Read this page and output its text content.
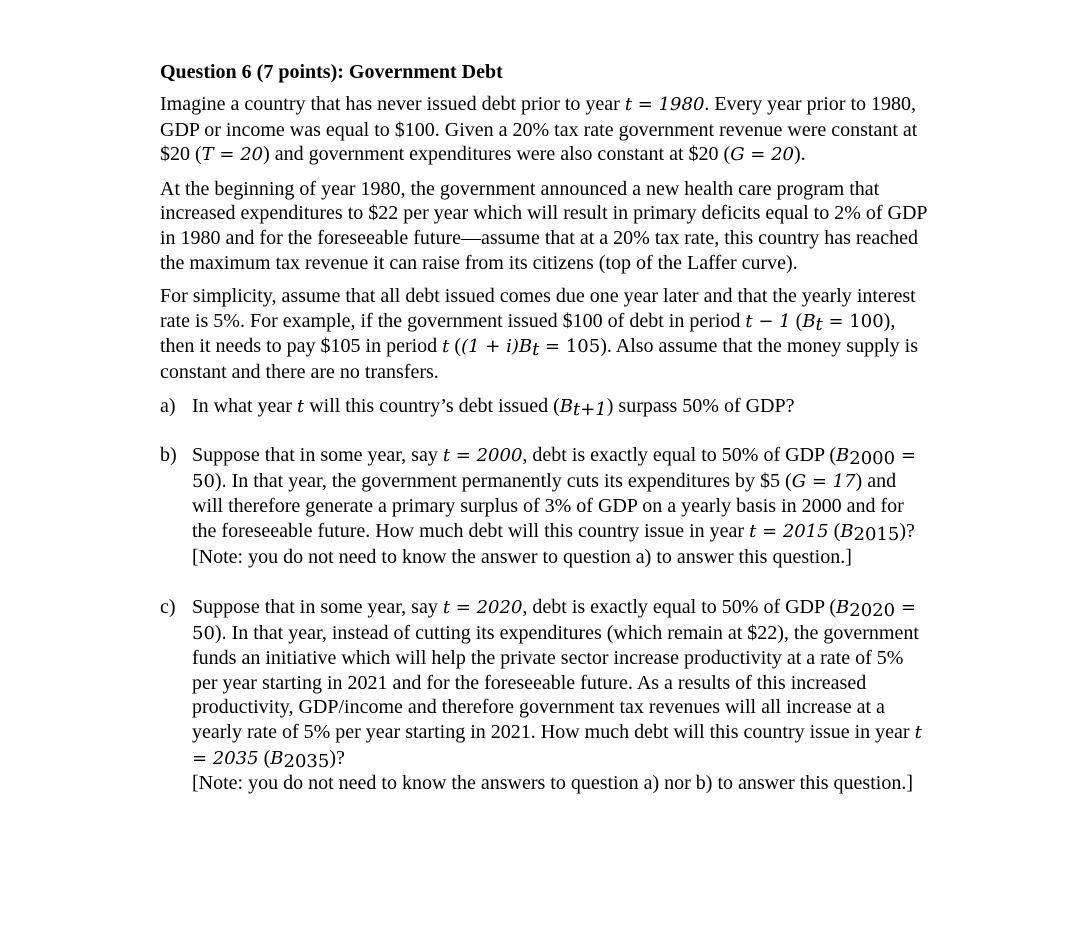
Question 6 (7 points): Government Debt

Imagine a country that has never issued debt prior to year t = 1980. Every year prior to 1980, GDP or income was equal to $100. Given a 20% tax rate government revenue were constant at $20 (T = 20) and government expenditures were also constant at $20 (G = 20).

At the beginning of year 1980, the government announced a new health care program that increased expenditures to $22 per year which will result in primary deficits equal to 2% of GDP in 1980 and for the foreseeable future—assume that at a 20% tax rate, this country has reached the maximum tax revenue it can raise from its citizens (top of the Laffer curve).

For simplicity, assume that all debt issued comes due one year later and that the yearly interest rate is 5%. For example, if the government issued $100 of debt in period t − 1 $(B_t = 100)$, then it needs to pay $105 in period t $((1 + i)B_t = 105)$. Also assume that the money supply is constant and there are no transfers.

a) In what year t will this country’s debt issued $(B_{t+1})$ surpass 50% of GDP?
b) Suppose that in some year, say t = 2000, debt is exactly equal to 50% of GDP $(B_{2000} = 50)$. In that year, the government permanently cuts its expenditures by $5 (G = 17) and will therefore generate a primary surplus of 3% of GDP on a yearly basis in 2000 and for the foreseeable future. How much debt will this country issue in year t = 2015 $(B_{2015})$?
[Note: you do not need to know the answer to question a) to answer this question.]
c) Suppose that in some year, say t = 2020, debt is exactly equal to 50% of GDP $(B_{2020} = 50)$. In that year, instead of cutting its expenditures (which remain at $22), the government funds an initiative which will help the private sector increase productivity at a rate of 5% per year starting in 2021 and for the foreseeable future. As a results of this increased productivity, GDP/income and therefore government tax revenues will all increase at a yearly rate of 5% per year starting in 2021. How much debt will this country issue in year t = 2035 $(B_{2035})$?
[Note: you do not need to know the answers to question a) nor b) to answer this question.]
